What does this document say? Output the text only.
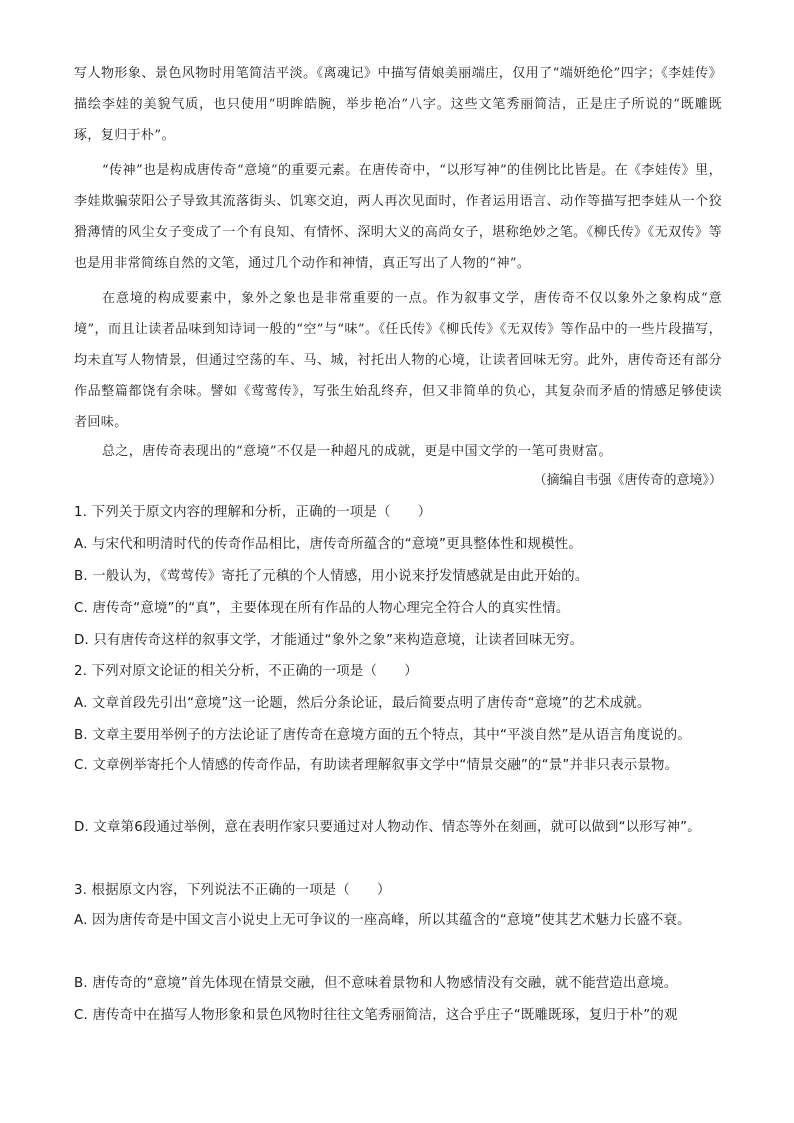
写人物形象、景色风物时用笔简洁平淡。《离魂记》中描写倩娘美丽端庄，仅用了“端妍绝伦”四字；《李娃传》描绘李娃的美貌气质，也只使用“明眸皓腕，举步艳冶”八字。这些文笔秀丽简洁，正是庄子所说的“既雕既琢，复归于朴”。
“传神”也是构成唐传奇“意境”的重要元素。在唐传奇中，“以形写神”的佳例比比皆是。在《李娃传》里，李娃欺骗荥阳公子导致其流落街头、饥寒交迫，两人再次见面时，作者运用语言、动作等描写把李娃从一个狡猾薄情的风尘女子变成了一个有良知、有情怀、深明大义的高尚女子，堪称绝妙之笔。《柳氏传》《无双传》等也是用非常简练自然的文笔，通过几个动作和神情，真正写出了人物的“神”。
在意境的构成要素中，象外之象也是非常重要的一点。作为叙事文学，唐传奇不仅以象外之象构成“意境”，而且让读者品味到知诗词一般的“空”与“味”。《任氏传》《柳氏传》《无双传》等作品中的一些片段描写，均未直写人物情景，但通过空荡的车、马、城，衬托出人物的心境，让读者回味无穷。此外，唐传奇还有部分作品整篇都饶有余味。譬如《莺莺传》，写张生始乱终弃，但又非简单的负心，其复杂而矛盾的情感足够使读者回味。
总之，唐传奇表现出的“意境”不仅是一种超凡的成就，更是中国文学的一笔可贵财富。
（摘编自韦强《唐传奇的意境》）
1. 下列关于原文内容的理解和分析，正确的一项是（　　）
A. 与宋代和明清时代的传奇作品相比，唐传奇所蕴含的“意境”更具整体性和规模性。
B. 一般认为，《莺莺传》寄托了元稹的个人情感，用小说来抒发情感就是由此开始的。
C. 唐传奇“意境”的“真”，主要体现在所有作品的人物心理完全符合人的真实性情。
D. 只有唐传奇这样的叙事文学，才能通过“象外之象”来构造意境，让读者回味无穷。
2. 下列对原文论证的相关分析，不正确的一项是（　　）
A. 文章首段先引出“意境”这一论题，然后分条论证，最后简要点明了唐传奇“意境”的艺术成就。
B. 文章主要用举例子的方法论证了唐传奇在意境方面的五个特点，其中“平淡自然”是从语言角度说的。
C. 文章例举寄托个人情感的传奇作品，有助读者理解叙事文学中“情景交融”的“景”并非只表示景物。
D. 文章第6段通过举例，意在表明作家只要通过对人物动作、情态等外在刻画，就可以做到“以形写神”。
3. 根据原文内容，下列说法不正确的一项是（　　）
A. 因为唐传奇是中国文言小说史上无可争议的一座高峰，所以其蕴含的“意境”使其艺术魅力长盛不衰。
B. 唐传奇的“意境”首先体现在情景交融，但不意味着景物和人物感情没有交融，就不能营造出意境。
C. 唐传奇中在描写人物形象和景色风物时往往文笔秀丽简洁，这合乎庄子“既雕既琢，复归于朴”的观
